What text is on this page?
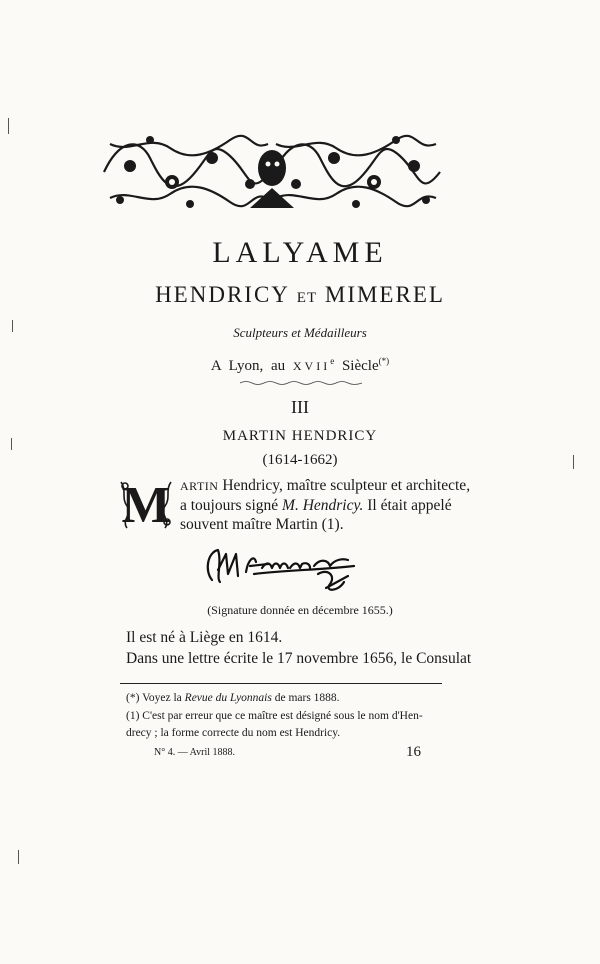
LALYAME
HENDRICY ET MIMEREL
Sculpteurs et Médailleurs
A Lyon, au XVIIe Siècle(*)
III
MARTIN HENDRICY
(1614-1662)
M ARTIN Hendricy, maître sculpteur et architecte,
a toujours signé M. Hendricy. Il était appelé
souvent maître Martin (1).
(Signature donnée en décembre 1655.)
Il est né à Liège en 1614.
Dans une lettre écrite le 17 novembre 1656, le Consulat
(*) Voyez la Revue du Lyonnais de mars 1888.
(1) C'est par erreur que ce maître est désigné sous le nom d'Hen-
drecy ; la forme correcte du nom est Hendricy.
N° 4. — Avril 1888.	16
